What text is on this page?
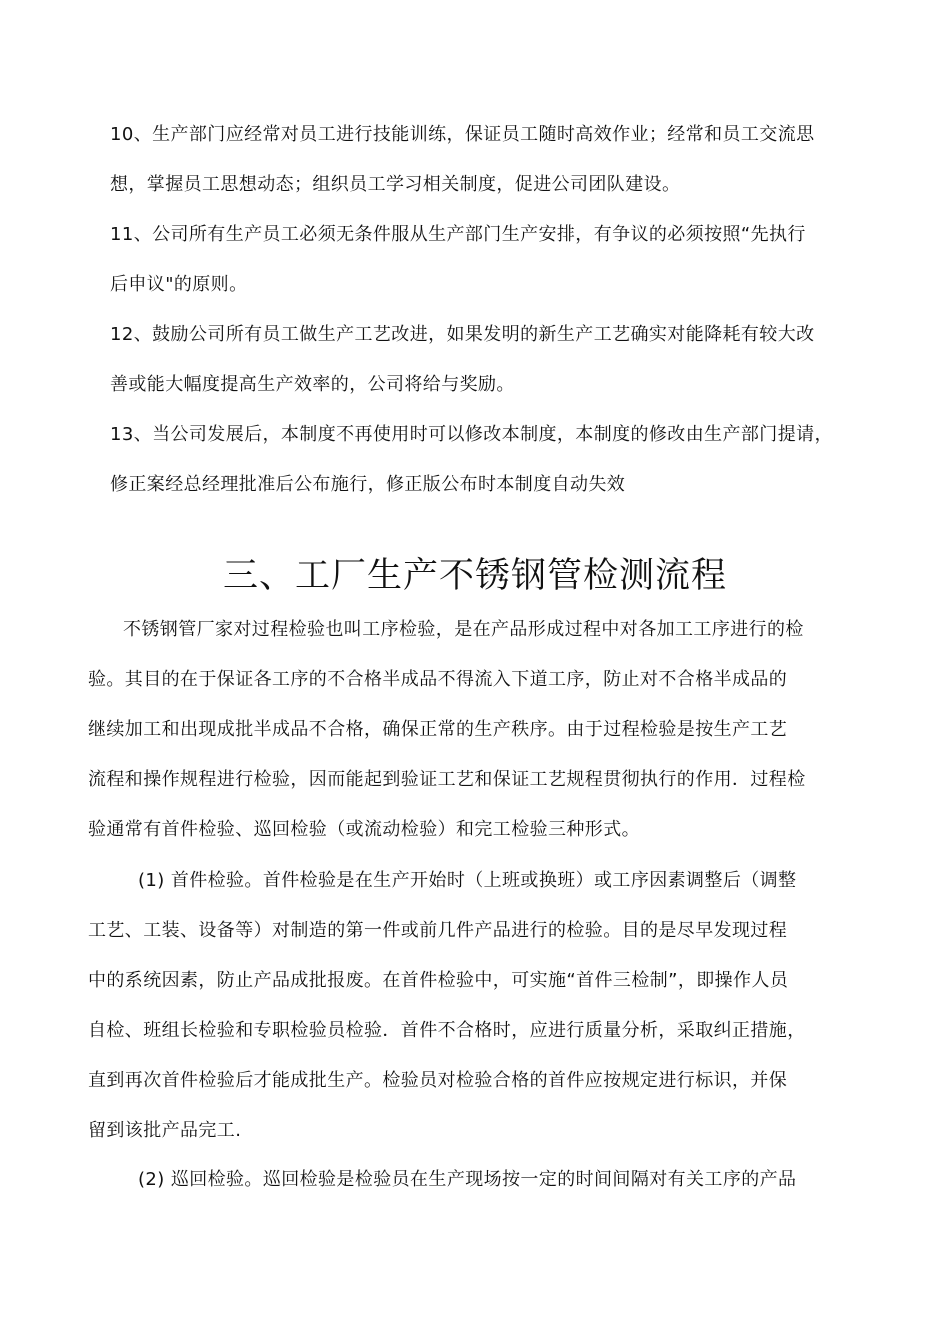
10、生产部门应经常对员工进行技能训练，保证员工随时高效作业；经常和员工交流思
想，掌握员工思想动态；组织员工学习相关制度，促进公司团队建设。
11、公司所有生产员工必须无条件服从生产部门生产安排，有争议的必须按照“先执行
后申议"的原则。
12、鼓励公司所有员工做生产工艺改进，如果发明的新生产工艺确实对能降耗有较大改
善或能大幅度提高生产效率的，公司将给与奖励。
13、当公司发展后，本制度不再使用时可以修改本制度，本制度的修改由生产部门提请，
修正案经总经理批准后公布施行，修正版公布时本制度自动失效
三、工厂生产不锈钢管检测流程
不锈钢管厂家对过程检验也叫工序检验，是在产品形成过程中对各加工工序进行的检
验。其目的在于保证各工序的不合格半成品不得流入下道工序，防止对不合格半成品的
继续加工和出现成批半成品不合格，确保正常的生产秩序。由于过程检验是按生产工艺
流程和操作规程进行检验，因而能起到验证工艺和保证工艺规程贯彻执行的作用．过程检
验通常有首件检验、巡回检验（或流动检验）和完工检验三种形式。
(1) 首件检验。首件检验是在生产开始时（上班或换班）或工序因素调整后（调整
工艺、工装、设备等）对制造的第一件或前几件产品进行的检验。目的是尽早发现过程
中的系统因素，防止产品成批报废。在首件检验中，可实施“首件三检制”，即操作人员
自检、班组长检验和专职检验员检验．首件不合格时，应进行质量分析，采取纠正措施，
直到再次首件检验后才能成批生产。检验员对检验合格的首件应按规定进行标识，并保
留到该批产品完工.
(2) 巡回检验。巡回检验是检验员在生产现场按一定的时间间隔对有关工序的产品
